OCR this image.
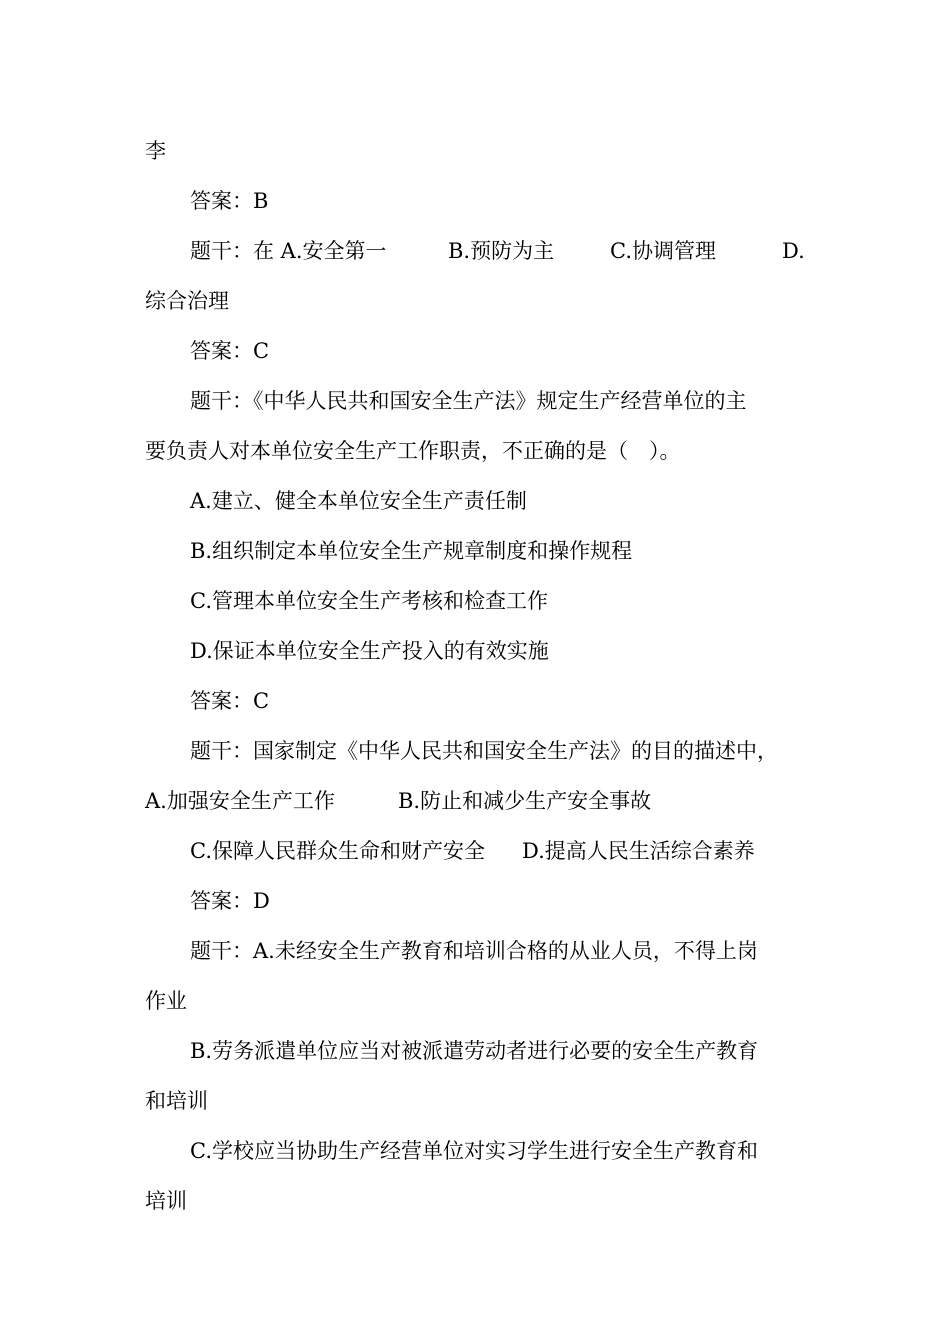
李
答案：B
题干：在 A.安全第一	B.预防为主	C.协调管理	D.
综合治理
答案：C
题干：《中华人民共和国安全生产法》规定生产经营单位的主
要负责人对本单位安全生产工作职责，不正确的是（　）。
A.建立、健全本单位安全生产责任制
B.组织制定本单位安全生产规章制度和操作规程
C.管理本单位安全生产考核和检查工作
D.保证本单位安全生产投入的有效实施
答案：C
题干：国家制定《中华人民共和国安全生产法》的目的描述中，
A.加强安全生产工作	B.防止和减少生产安全事故
C.保障人民群众生命和财产安全 D.提高人民生活综合素养
答案：D
题干：A.未经安全生产教育和培训合格的从业人员，不得上岗
作业
B.劳务派遣单位应当对被派遣劳动者进行必要的安全生产教育
和培训
C.学校应当协助生产经营单位对实习学生进行安全生产教育和
培训
